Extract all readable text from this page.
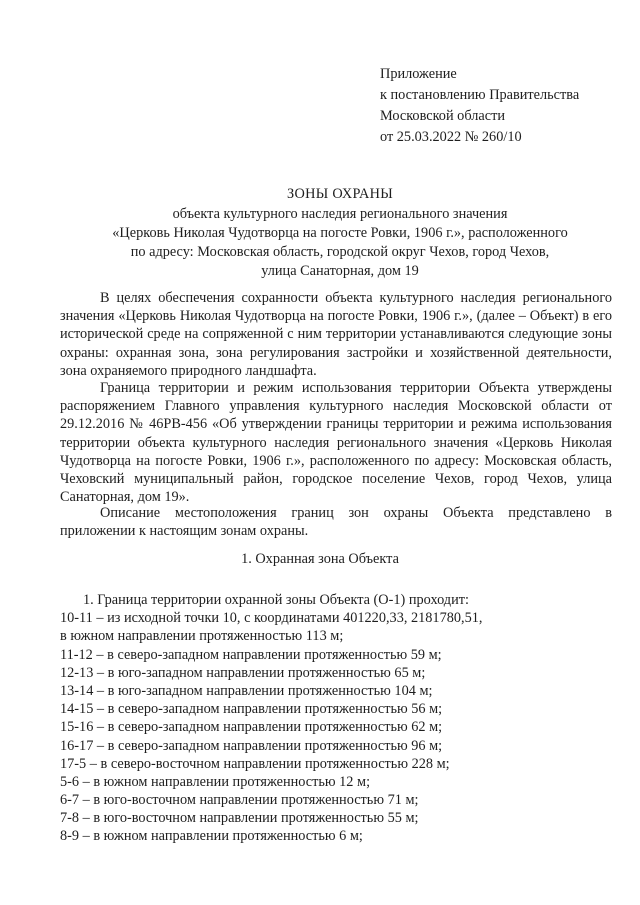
Приложение
к постановлению Правительства
Московской области
от 25.03.2022 № 260/10
ЗОНЫ ОХРАНЫ
объекта культурного наследия регионального значения
«Церковь Николая Чудотворца на погосте Ровки, 1906 г.», расположенного
по адресу: Московская область, городской округ Чехов, город Чехов,
улица Санаторная, дом 19
В целях обеспечения сохранности объекта культурного наследия регионального значения «Церковь Николая Чудотворца на погосте Ровки, 1906 г.», (далее – Объект) в его исторической среде на сопряженной с ним территории устанавливаются следующие зоны охраны: охранная зона, зона регулирования застройки и хозяйственной деятельности, зона охраняемого природного ландшафта.
Граница территории и режим использования территории Объекта утверждены распоряжением Главного управления культурного наследия Московской области от 29.12.2016 № 46РВ-456 «Об утверждении границы территории и режима использования территории объекта культурного наследия регионального значения «Церковь Николая Чудотворца на погосте Ровки, 1906 г.», расположенного по адресу: Московская область, Чеховский муниципальный район, городское поселение Чехов, город Чехов, улица Санаторная, дом 19».
Описание местоположения границ зон охраны Объекта представлено в приложении к настоящим зонам охраны.
1. Охранная зона Объекта
1. Граница территории охранной зоны Объекта (О-1) проходит:
10-11 – из исходной точки 10, с координатами 401220,33, 2181780,51,
в южном направлении протяженностью 113 м;
11-12 – в северо-западном направлении протяженностью 59 м;
12-13 – в юго-западном направлении протяженностью 65 м;
13-14 – в юго-западном направлении протяженностью 104 м;
14-15 – в северо-западном направлении протяженностью 56 м;
15-16 – в северо-западном направлении протяженностью 62 м;
16-17 – в северо-западном направлении протяженностью 96 м;
17-5 – в северо-восточном направлении протяженностью 228 м;
5-6 – в южном направлении протяженностью 12 м;
6-7 – в юго-восточном направлении протяженностью 71 м;
7-8 – в юго-восточном направлении протяженностью 55 м;
8-9 – в южном направлении протяженностью 6 м;
